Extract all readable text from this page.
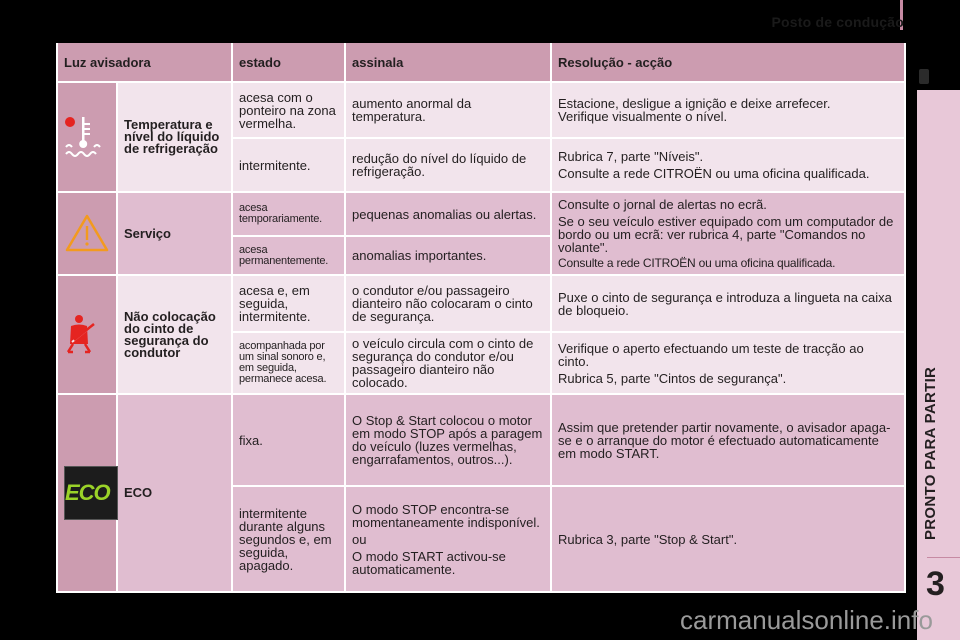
Posto de condução
PRONTO PARA PARTIR
3
Luz avisadora		estado	assinala	Resolução - acção
	Temperatura e nível do líquido de refrigeração	acesa com o ponteiro na zona vermelha.	aumento anormal da temperatura.	Estacione, desligue a ignição e deixe arrefecer.
Verifique visualmente o nível.
		intermitente.	redução do nível do líquido de refrigeração.	Rubrica 7, parte "Níveis".

Consulte a rede CITROËN ou uma oficina qualificada.

	Serviço	acesa temporariamente.	pequenas anomalias ou alertas.	Consulte o jornal de alertas no ecrã.

Se o seu veículo estiver equipado com um computador de bordo ou um ecrã: ver rubrica 4, parte "Comandos no volante".

Consulte a rede CITROËN ou uma oficina qualificada.

		acesa permanentemente.	anomalias importantes.	
	Não colocação do cinto de segurança do condutor	acesa e, em seguida, intermitente.	o condutor e/ou passageiro dianteiro não colocaram o cinto de segurança.	Puxe o cinto de segurança e introduza a lingueta na caixa de bloqueio.
		acompanhada por um sinal sonoro e, em seguida, permanece acesa.	o veículo circula com o cinto de segurança do condutor e/ou passageiro dianteiro não colocado.	Verifique o aperto efectuando um teste de tracção ao cinto.

Rubrica 5, parte "Cintos de segurança".

ECO	ECO	fixa.	O Stop & Start colocou o motor em modo STOP após a paragem do veículo (luzes vermelhas, engarrafamentos, outros...).	Assim que pretender partir novamente, o avisador apaga-se e o arranque do motor é efectuado automaticamente em modo START.
		intermitente durante alguns segundos e, em seguida, apagado.	O modo STOP encontra-se momentaneamente indisponível.

ou

O modo START activou-se automaticamente.	Rubrica 3, parte "Stop & Start".
carmanualsonline.info
